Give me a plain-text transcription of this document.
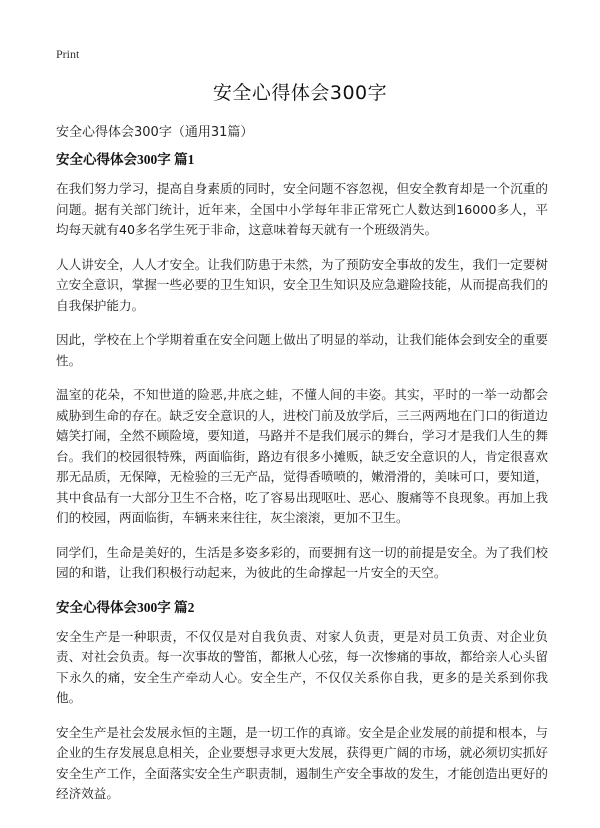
Print
安全心得体会300字
安全心得体会300字（通用31篇）
安全心得体会300字 篇1

在我们努力学习，提高自身素质的同时，安全问题不容忽视，但安全教育却是一个沉重的问题。据有关部门统计，近年来，全国中小学每年非正常死亡人数达到16000多人，平均每天就有40多名学生死于非命，这意味着每天就有一个班级消失。

人人讲安全，人人才安全。让我们防患于未然，为了预防安全事故的发生，我们一定要树立安全意识，掌握一些必要的卫生知识，安全卫生知识及应急避险技能，从而提高我们的自我保护能力。

因此，学校在上个学期着重在安全问题上做出了明显的举动，让我们能体会到安全的重要性。

温室的花朵，不知世道的险恶,井底之蛙，不懂人间的丰姿。其实，平时的一举一动都会威胁到生命的存在。缺乏安全意识的人，进校门前及放学后，三三两两地在门口的街道边嬉笑打闹，全然不顾险境，要知道，马路并不是我们展示的舞台，学习才是我们人生的舞台。我们的校园很特殊，两面临街，路边有很多小摊贩，缺乏安全意识的人，肯定很喜欢那无品质，无保障，无检验的三无产品，觉得香喷喷的，嫩滑滑的，美味可口，要知道，其中食品有一大部分卫生不合格，吃了容易出现呕吐、恶心、腹痛等不良现象。再加上我们的校园，两面临街，车辆来来往往，灰尘滚滚，更加不卫生。

同学们，生命是美好的，生活是多姿多彩的，而要拥有这一切的前提是安全。为了我们校园的和谐，让我们积极行动起来，为彼此的生命撑起一片安全的天空。

安全心得体会300字 篇2

安全生产是一种职责，不仅仅是对自我负责、对家人负责，更是对员工负责、对企业负责、对社会负责。每一次事故的警笛，都揪人心弦，每一次惨痛的事故，都给亲人心头留下永久的痛，安全生产牵动人心。安全生产，不仅仅关系你自我，更多的是关系到你我他。

安全生产是社会发展永恒的主题，是一切工作的真谛。安全是企业发展的前提和根本，与企业的生存发展息息相关，企业要想寻求更大发展，获得更广阔的市场，就必须切实抓好安全生产工作，全面落实安全生产职责制，遏制生产安全事故的发生，才能创造出更好的经济效益。
